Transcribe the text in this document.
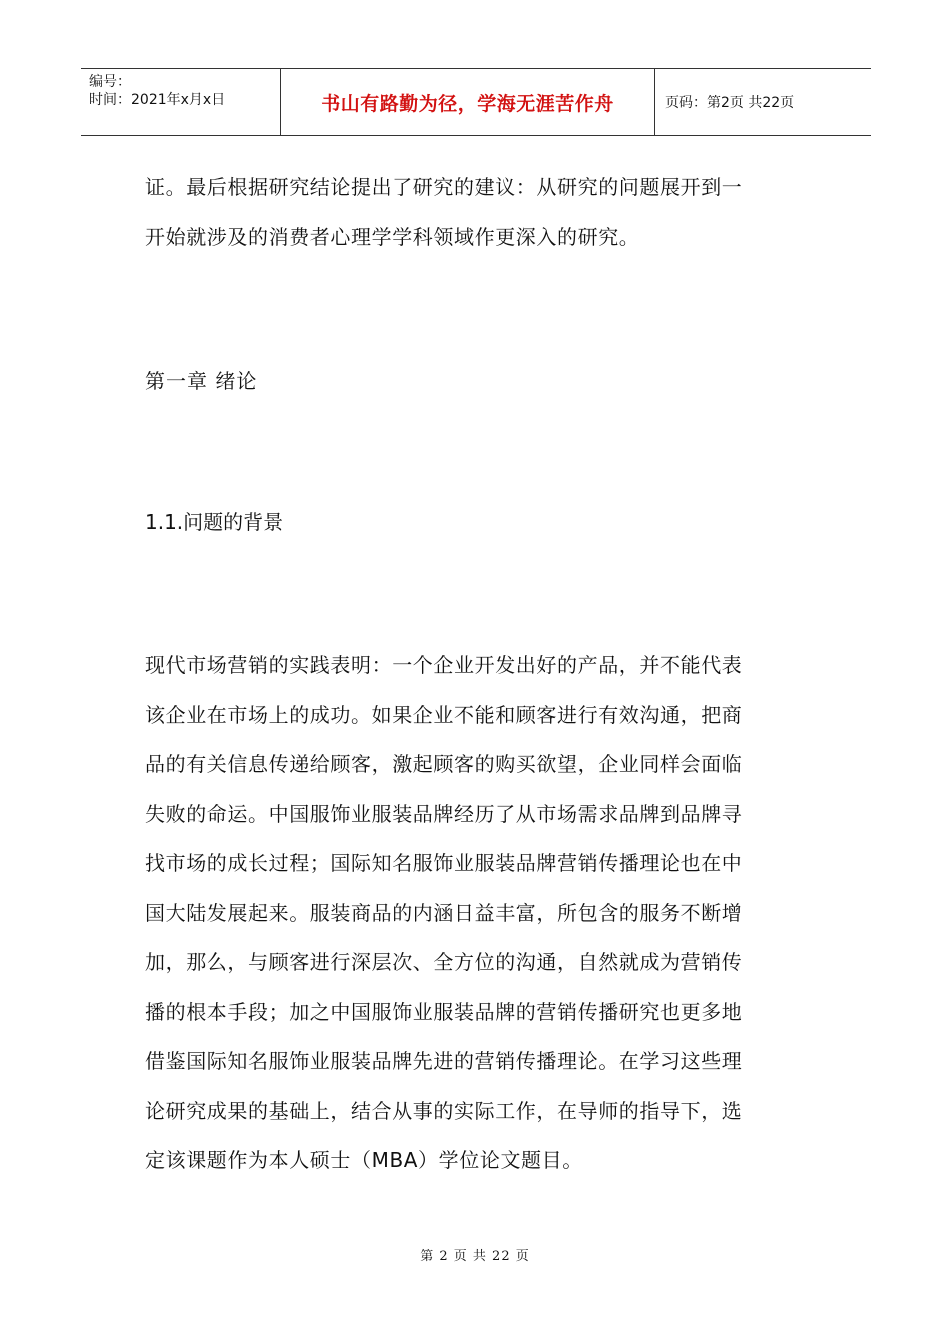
编号：
时间：2021年x月x日	书山有路勤为径，学海无涯苦作舟	页码：第2页 共22页

证。最后根据研究结论提出了研究的建议：从研究的问题展开到一

开始就涉及的消费者心理学学科领域作更深入的研究。

第一章 绪论
1.1.问题的背景

现代市场营销的实践表明：一个企业开发出好的产品，并不能代表

该企业在市场上的成功。如果企业不能和顾客进行有效沟通，把商

品的有关信息传递给顾客，激起顾客的购买欲望，企业同样会面临

失败的命运。中国服饰业服装品牌经历了从市场需求品牌到品牌寻

找市场的成长过程；国际知名服饰业服装品牌营销传播理论也在中

国大陆发展起来。服装商品的内涵日益丰富，所包含的服务不断增

加，那么，与顾客进行深层次、全方位的沟通，自然就成为营销传

播的根本手段；加之中国服饰业服装品牌的营销传播研究也更多地

借鉴国际知名服饰业服装品牌先进的营销传播理论。在学习这些理

论研究成果的基础上，结合从事的实际工作，在导师的指导下，选

定该课题作为本人硕士（MBA）学位论文题目。

第 2 页 共 22 页
